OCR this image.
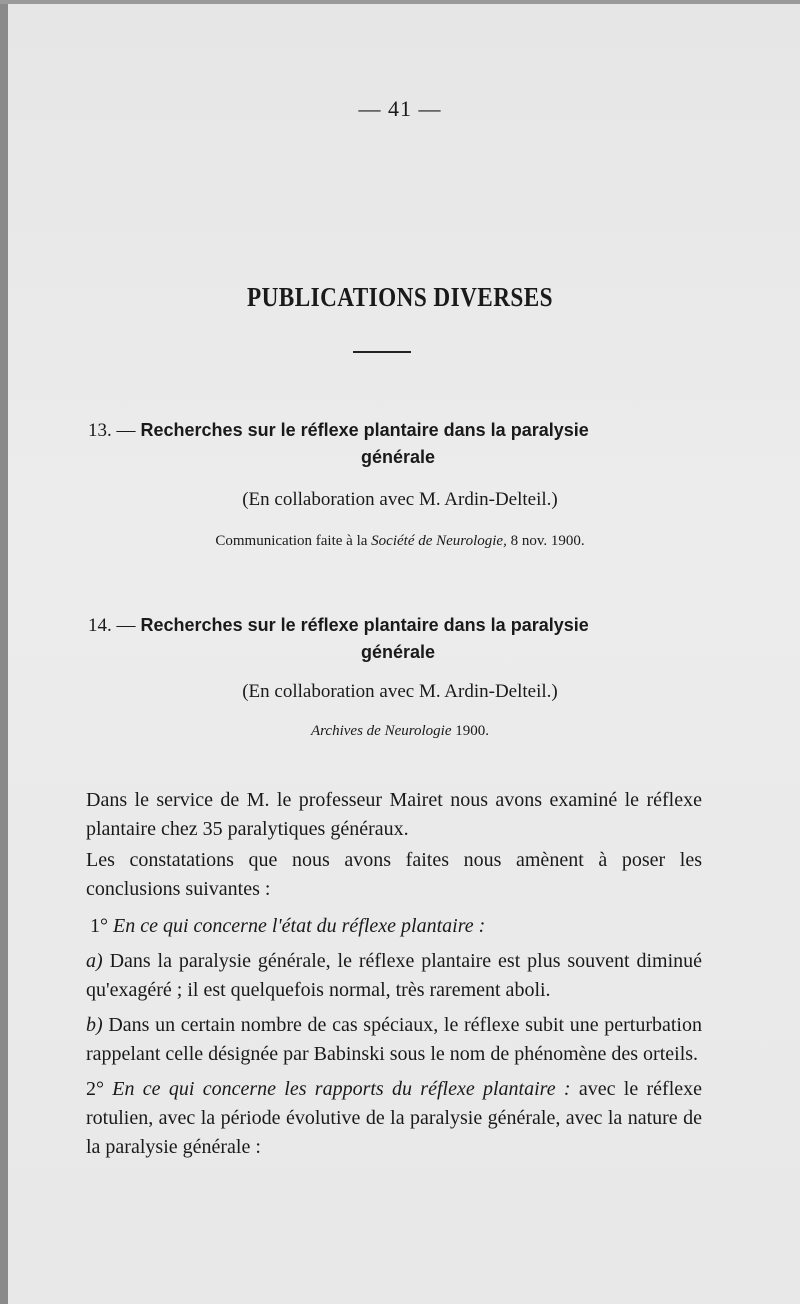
— 41 —
PUBLICATIONS DIVERSES
13. — Recherches sur le réflexe plantaire dans la paralysie
générale
(En collaboration avec M. Ardin-Delteil.)
Communication faite à la Société de Neurologie, 8 nov. 1900.
14. — Recherches sur le réflexe plantaire dans la paralysie
générale
(En collaboration avec M. Ardin-Delteil.)
Archives de Neurologie 1900.

Dans le service de M. le professeur Mairet nous avons examiné le réflexe plantaire chez 35 paralytiques généraux.

Les constatations que nous avons faites nous amènent à poser les conclusions suivantes :

1° En ce qui concerne l'état du réflexe plantaire :

a) Dans la paralysie générale, le réflexe plantaire est plus souvent diminué qu'exagéré ; il est quelquefois normal, très rarement aboli.

b) Dans un certain nombre de cas spéciaux, le réflexe subit une perturbation rappelant celle désignée par Babinski sous le nom de phénomène des orteils.

2° En ce qui concerne les rapports du réflexe plantaire : avec le réflexe rotulien, avec la période évolutive de la paralysie générale, avec la nature de la paralysie générale :
